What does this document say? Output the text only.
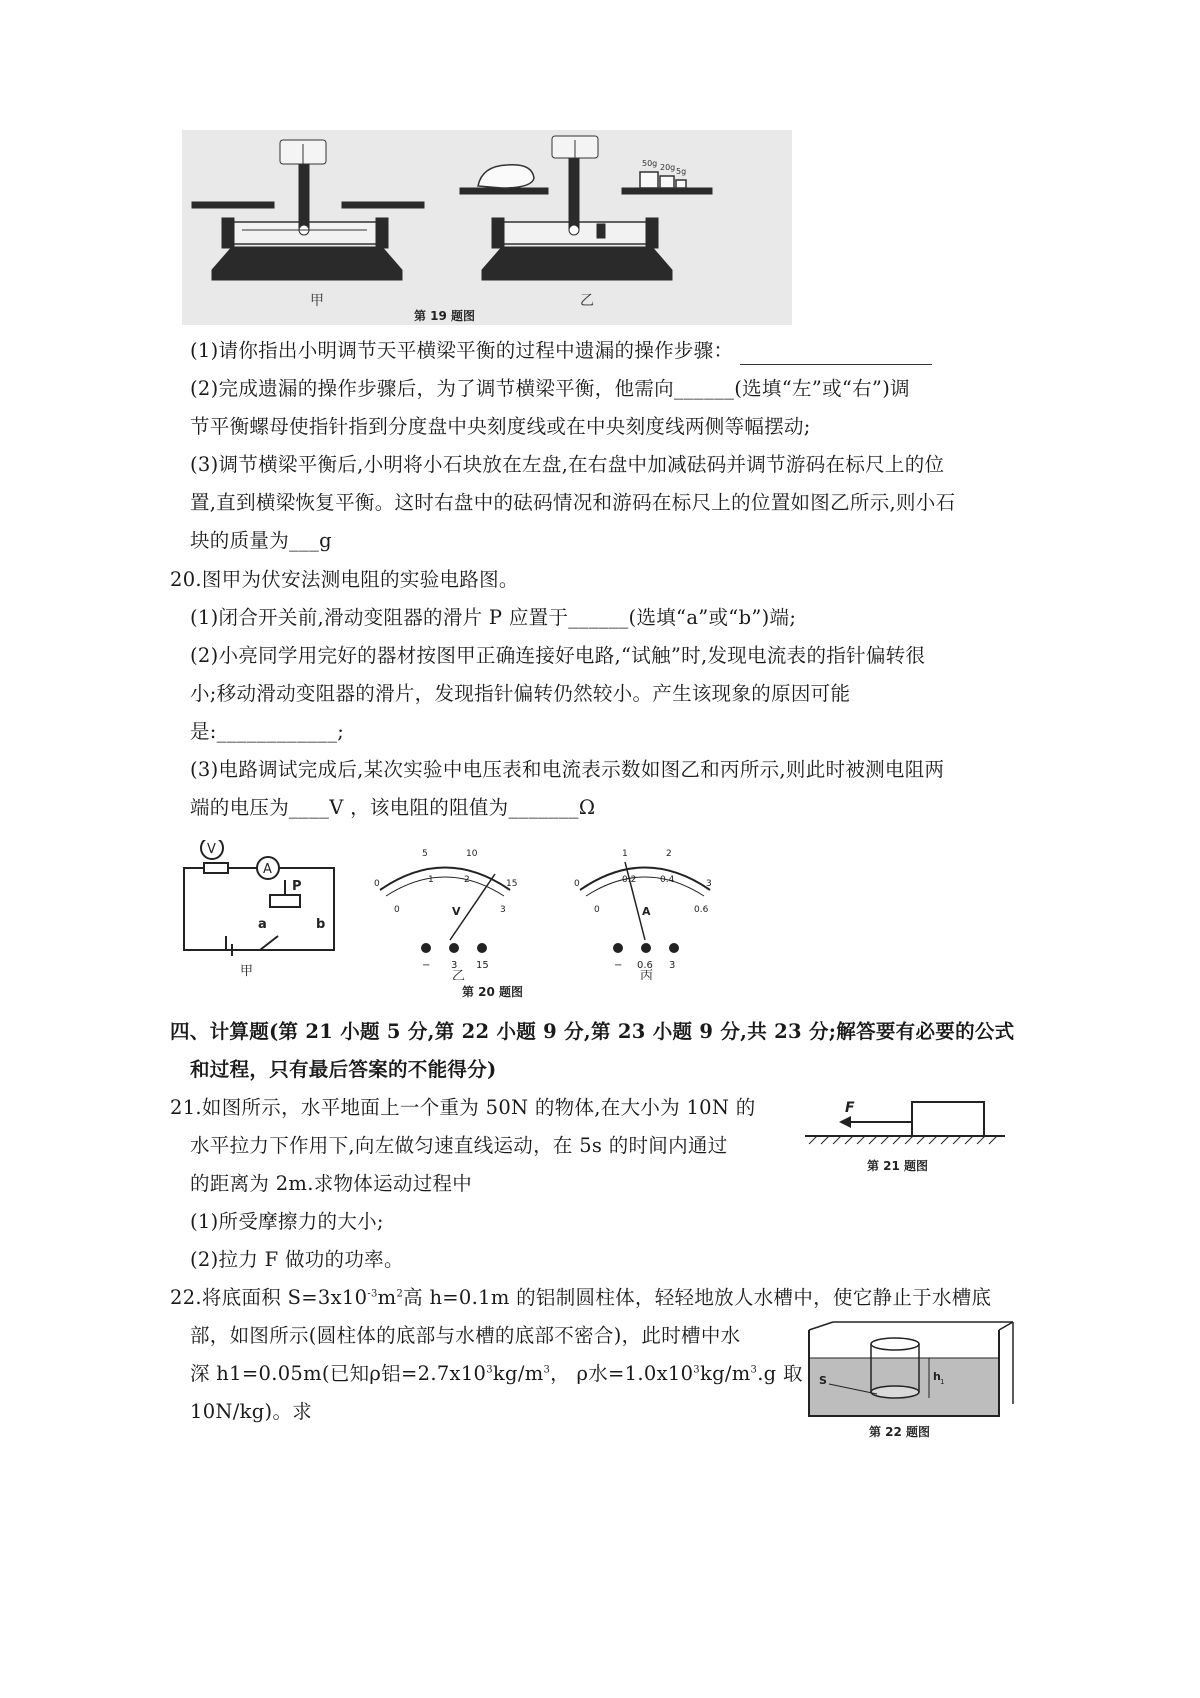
甲
50g 20g 5g
乙
第 19 题图
(1)请你指出小明调节天平横梁平衡的过程中遗漏的操作步骤：
(2)完成遗漏的操作步骤后，为了调节横梁平衡，他需向______(选填“左”或“右”)调
节平衡螺母使指针指到分度盘中央刻度线或在中央刻度线两侧等幅摆动;
(3)调节横梁平衡后,小明将小石块放在左盘,在右盘中加减砝码并调节游码在标尺上的位
置,直到横梁恢复平衡。这时右盘中的砝码情况和游码在标尺上的位置如图乙所示,则小石
块的质量为___g
20.图甲为伏安法测电阻的实验电路图。
(1)闭合开关前,滑动变阻器的滑片 P 应置于______(选填“a”或“b”)端;
(2)小亮同学用完好的器材按图甲正确连接好电路,“试触”时,发现电流表的指针偏转很
小;移动滑动变阻器的滑片，发现指针偏转仍然较小。产生该现象的原因可能
是:____________;
(3)电路调试完成后,某次实验中电压表和电流表示数如图乙和丙所示,则此时被测电阻两
端的电压为____V ，该电阻的阻值为_______Ω
V
A
P
a	b
甲
0
5	10
15
0
1	2
3
V
− 3 15
0
1	2
3
0
0.2	0.4
0.6
A
− 0.6 3
乙	丙
第 20 题图
四、计算题(第 21 小题 5 分,第 22 小题 9 分,第 23 小题 9 分,共 23 分;解答要有必要的公式
和过程，只有最后答案的不能得分)
21.如图所示，水平地面上一个重为 50N 的物体,在大小为 10N 的
水平拉力下作用下,向左做匀速直线运动，在 5s 的时间内通过
的距离为 2m.求物体运动过程中
(1)所受摩擦力的大小;
(2)拉力 F 做功的功率。
F
第 21 题图
22.将底面积 $S=3x10^{-3}m^2$高 h=0.1m 的铝制圆柱体，轻轻地放人水槽中，使它静止于水槽底
部，如图所示(圆柱体的底部与水槽的底部不密合)，此时槽中水
深 h1=0.05m(已知ρ铝$=2.7x10^3kg/m^3$， ρ水$=1.0x10^3kg/m^3.g$ 取
10N/kg)。求
S	h 1
第 22 题图
